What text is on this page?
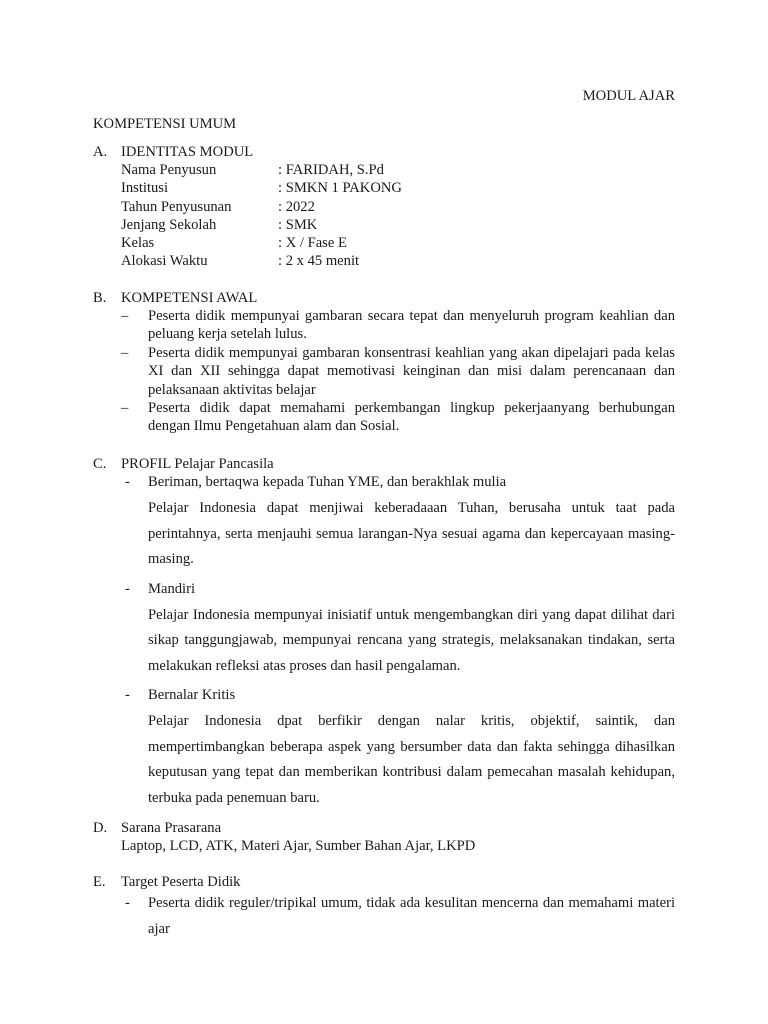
MODUL AJAR
KOMPETENSI UMUM
A. IDENTITAS MODUL
Nama Penyusun	: FARIDAH, S.Pd
Institusi	: SMKN 1 PAKONG
Tahun Penyusunan	: 2022
Jenjang Sekolah	: SMK
Kelas	: X / Fase E
Alokasi Waktu	: 2 x 45 menit
B.	KOMPETENSI AWAL
–	Peserta didik mempunyai gambaran secara tepat dan menyeluruh program keahlian dan peluang kerja setelah lulus.
–	Peserta didik mempunyai gambaran konsentrasi keahlian yang akan dipelajari pada kelas XI dan XII sehingga dapat memotivasi keinginan dan misi dalam perencanaan dan pelaksanaan aktivitas belajar
–	Peserta didik dapat memahami perkembangan lingkup pekerjaanyang berhubungan dengan Ilmu Pengetahuan alam dan Sosial.
C.	PROFIL Pelajar Pancasila
-	Beriman, bertaqwa kepada Tuhan YME, dan berakhlak mulia
Pelajar Indonesia dapat menjiwai keberadaaan Tuhan, berusaha untuk taat pada perintahnya, serta menjauhi semua larangan-Nya sesuai agama dan kepercayaan masing-masing.
-	Mandiri
Pelajar Indonesia mempunyai inisiatif untuk mengembangkan diri yang dapat dilihat dari sikap tanggungjawab, mempunyai rencana yang strategis, melaksanakan tindakan, serta melakukan refleksi atas proses dan hasil pengalaman.
-	Bernalar Kritis
Pelajar Indonesia dpat berfikir dengan nalar kritis, objektif, saintik, dan mempertimbangkan beberapa aspek yang bersumber data dan fakta sehingga dihasilkan keputusan yang tepat dan memberikan kontribusi dalam pemecahan masalah kehidupan, terbuka pada penemuan baru.
D. Sarana Prasarana
Laptop, LCD, ATK, Materi Ajar, Sumber Bahan Ajar, LKPD
E.	Target Peserta Didik
-	Peserta didik reguler/tripikal umum, tidak ada kesulitan mencerna dan memahami materi ajar
